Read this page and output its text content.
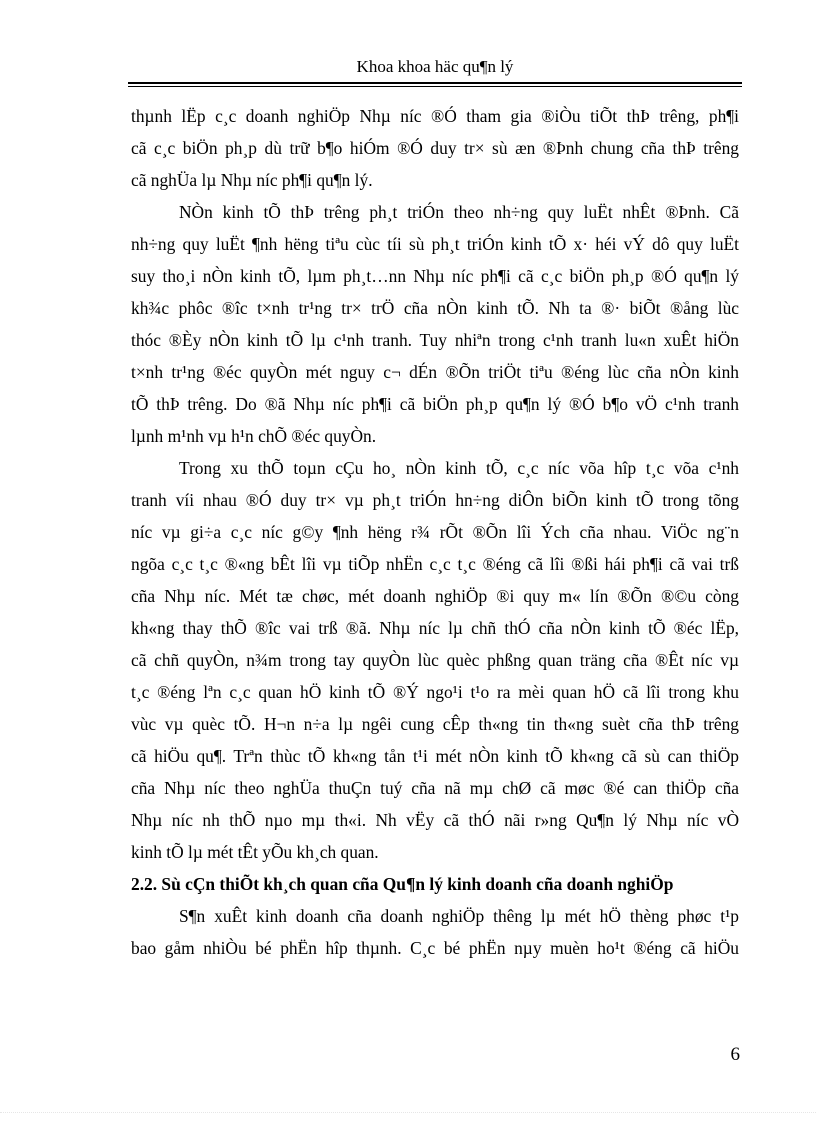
Khoa khoa häc qu¶n lý
thµnh lËp c¸c doanh nghiÖp Nhµ níc ®Ó tham gia ®iÒu tiÕt thÞ trêng, ph¶i
cã c¸c biÖn ph¸p dù trữ b¶o hiÓm ®Ó duy tr× sù æn ®Þnh chung cña thÞ trêng
cã nghÜa lµ Nhµ níc ph¶i qu¶n lý.
NÒn kinh tÕ thÞ trêng ph¸t triÓn theo nh÷ng quy luËt nhÊt ®Þnh. Cã
nh÷ng quy luËt ¶nh hëng tiªu cùc tíi sù ph¸t triÓn kinh tÕ x· héi vÝ dô quy luËt
suy tho¸i nÒn kinh tÕ, lµm ph¸t…nn Nhµ níc ph¶i cã c¸c biÖn ph¸p ®Ó qu¶n lý
kh¾c phôc ®îc t×nh tr¹ng tr× trÖ cña nÒn kinh tÕ. Nh ta ®· biÕt ®ång lùc
thóc ®Èy nÒn kinh tÕ lµ c¹nh tranh. Tuy nhiªn trong c¹nh tranh lu«n xuÊt hiÖn
t×nh tr¹ng ®éc quyÒn mét nguy c¬ dÉn ®Õn triÖt tiªu ®éng lùc cña nÒn kinh
tÕ thÞ trêng. Do ®ã Nhµ níc ph¶i cã biÖn ph¸p qu¶n lý ®Ó b¶o vÖ c¹nh tranh
lµnh m¹nh vµ h¹n chÕ ®éc quyÒn.
Trong xu thÕ toµn cÇu ho¸ nÒn kinh tÕ, c¸c níc võa hîp t¸c võa c¹nh
tranh víi nhau ®Ó duy tr× vµ ph¸t triÓn hn÷ng diÔn biÕn kinh tÕ trong tõng
níc vµ gi÷a c¸c níc g©y ¶nh hëng r¾ rÕt ®Õn lîi Ých cña nhau. ViÖc ng¨n
ngõa c¸c t¸c ®«ng bÊt lîi vµ tiÕp nhËn c¸c t¸c ®éng cã lîi ®ßi hái ph¶i cã vai trß
cña Nhµ níc. Mét tæ chøc, mét doanh nghiÖp ®i quy m« lín ®Õn ®©u còng
kh«ng thay thÕ ®îc vai trß ®ã. Nhµ níc lµ chñ thÓ cña nÒn kinh tÕ ®éc lËp,
cã chñ quyÒn, n¾m trong tay quyÒn lùc quèc phßng quan träng cña ®Êt níc vµ
t¸c ®éng lªn c¸c quan hÖ kinh tÕ ®Ý ngo¹i t¹o ra mèi quan hÖ cã lîi trong khu
vùc vµ quèc tÕ. H¬n n÷a lµ ngêi cung cÊp th«ng tin th«ng suèt cña thÞ trêng
cã hiÖu qu¶. Trªn thùc tÕ kh«ng tån t¹i mét nÒn kinh tÕ kh«ng cã sù can thiÖp
cña Nhµ níc theo nghÜa thuÇn tuý cña nã mµ chØ cã møc ®é can thiÖp cña
Nhµ níc nh thÕ nµo mµ th«i. Nh vËy cã thÓ nãi r»ng Qu¶n lý Nhµ níc vÒ
kinh tÕ lµ mét tÊt yÕu kh¸ch quan.
2.2. Sù cÇn thiÕt kh¸ch quan cña Qu¶n lý kinh doanh cña doanh nghiÖp
S¶n xuÊt kinh doanh cña doanh nghiÖp thêng lµ mét hÖ thèng phøc t¹p
bao gåm nhiÒu bé phËn hîp thµnh. C¸c bé phËn nµy muèn ho¹t ®éng cã hiÖu
6
